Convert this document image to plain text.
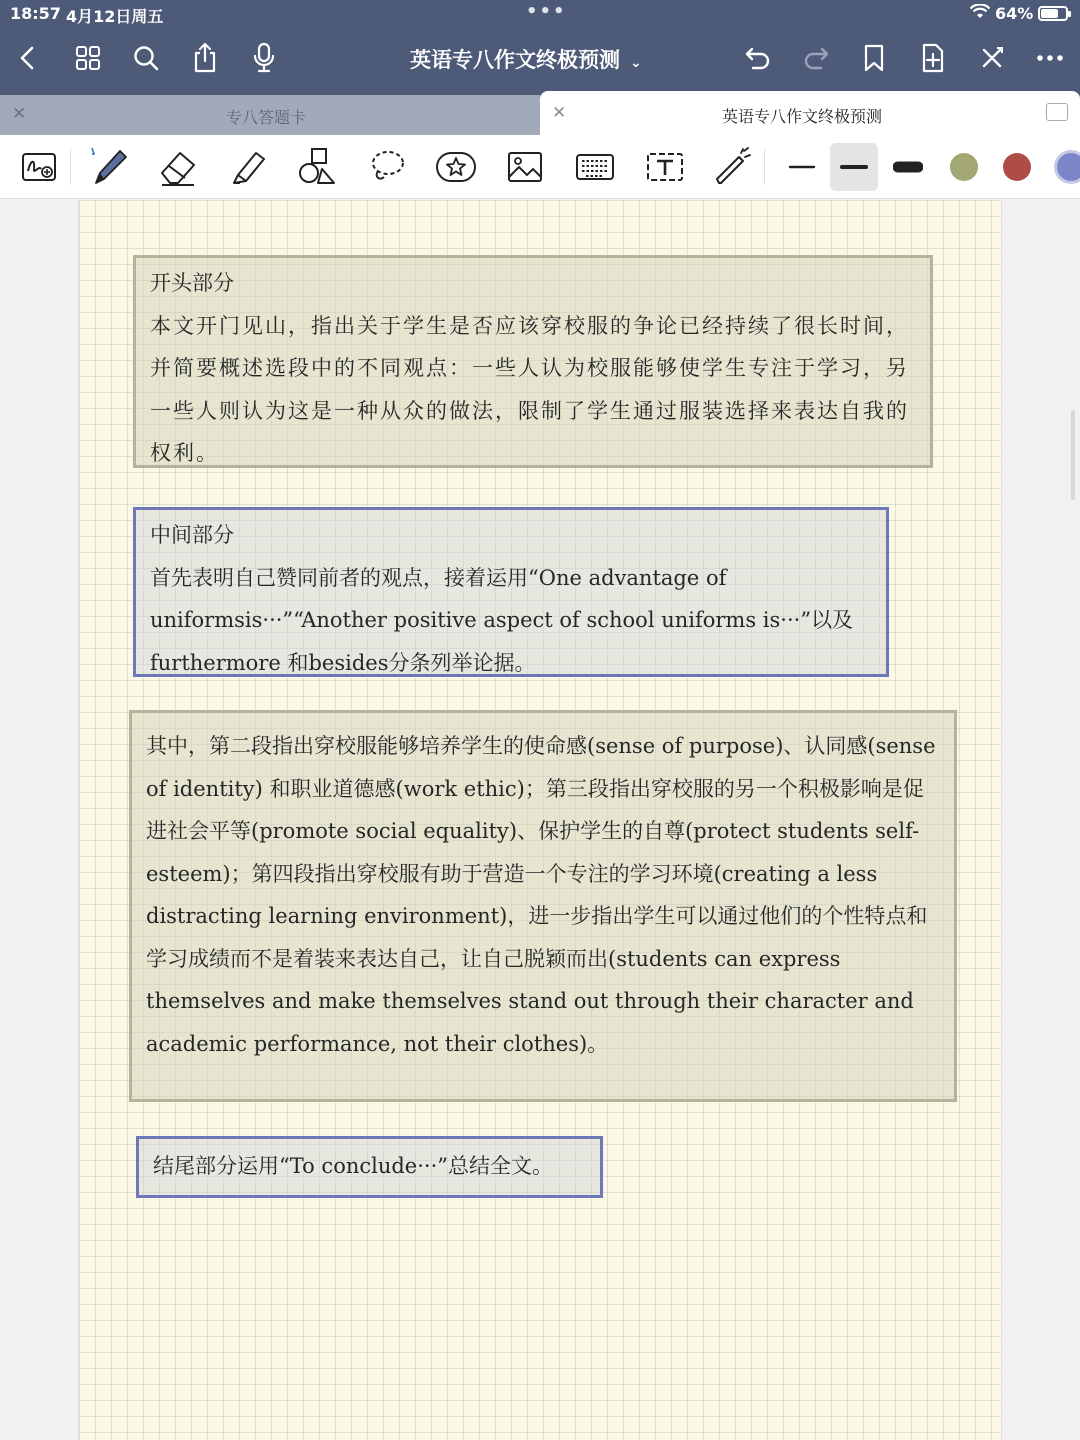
18:57 4月12日周五	•••	64%
英语专八作文终极预测 ⌄
✕	专八答题卡	✕	英语专八作文终极预测

开头部分

本文开门见山，指出关于学生是否应该穿校服的争论已经持续了很长时间，并简要概述选段中的不同观点：一些人认为校服能够使学生专注于学习，另一些人则认为这是一种从众的做法，限制了学生通过服装选择来表达自我的权利。

中间部分

首先表明自己赞同前者的观点，接着运用“One advantage of uniformsis···”“Another positive aspect of school uniforms is···”以及furthermore 和besides分条列举论据。

其中，第二段指出穿校服能够培养学生的使命感(sense of purpose)、认同感(sense of identity) 和职业道德感(work ethic)；第三段指出穿校服的另一个积极影响是促进社会平等(promote social equality)、保护学生的自尊(protect students self-esteem)；第四段指出穿校服有助于营造一个专注的学习环境(creating a less distracting learning environment)，进一步指出学生可以通过他们的个性特点和学习成绩而不是着装来表达自己，让自己脱颖而出(students can express themselves and make themselves stand out through their character and academic performance, not their clothes)。

结尾部分运用“To conclude···”总结全文。
